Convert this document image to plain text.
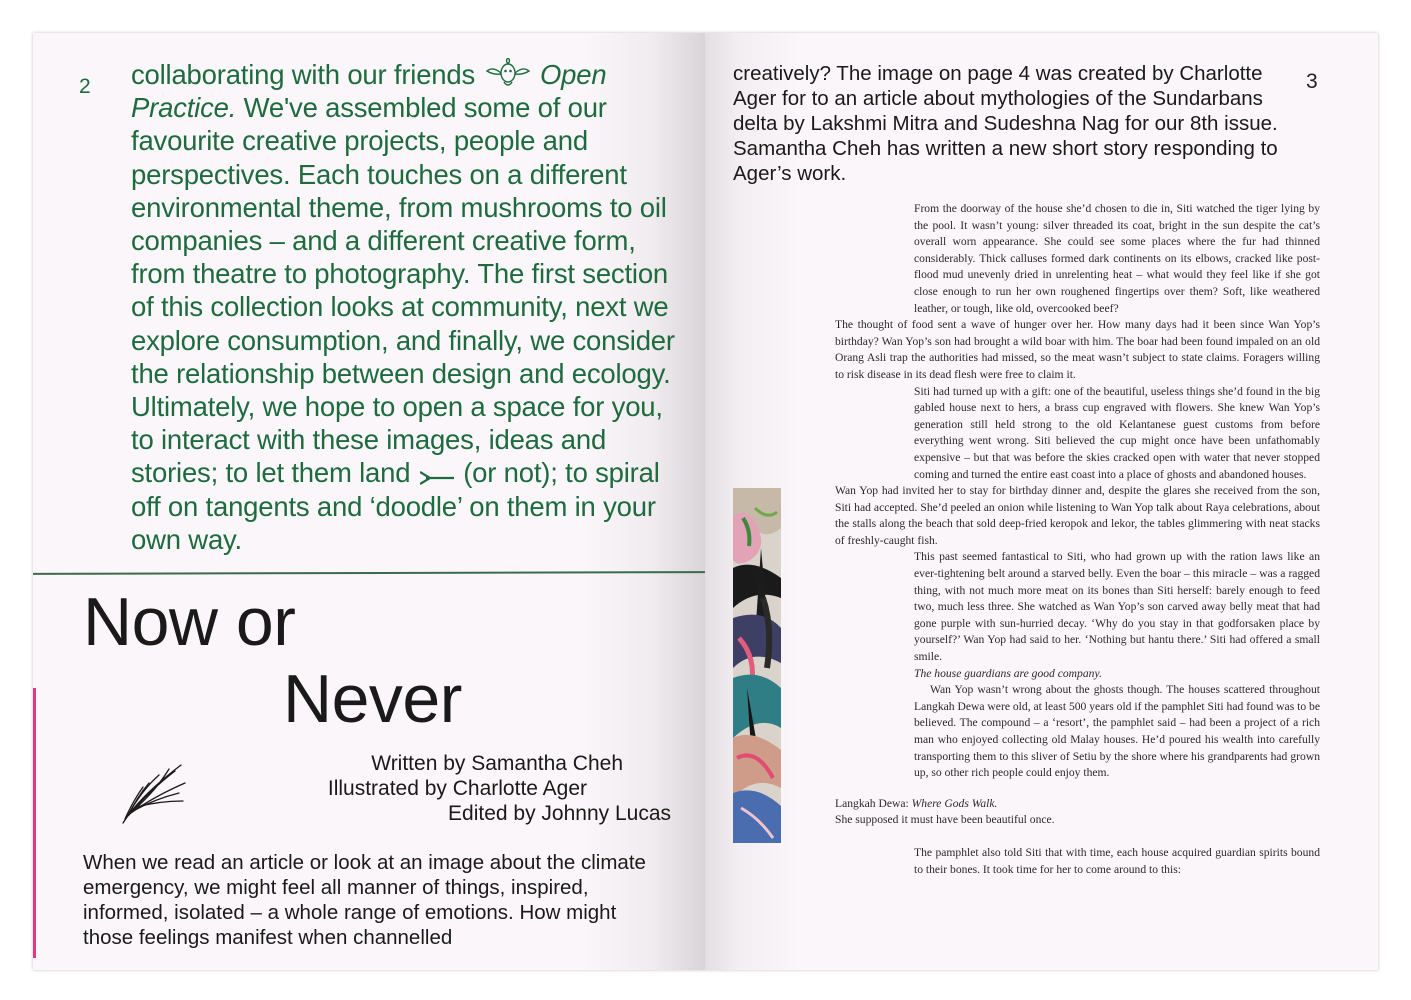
2	collaborating with our friends Open Practice. We've assembled some of our favourite creative projects, people and perspectives. Each touches on a different environmental theme, from mushrooms to oil companies – and a different creative form, from theatre to photography. The first section of this collection looks at community, next we explore consumption, and finally, we consider the relationship between design and ecology.

Ultimately, we hope to open a space for you, to interact with these images, ideas and stories; to let them land (or not); to spiral off on tangents and ‘doodle’ on them in your own way.

Now or
Never
Written by Samantha Cheh
Illustrated by Charlotte Ager
Edited by Johnny Lucas

When we read an article or look at an image about the climate emergency, we might feel all manner of things, inspired, informed, isolated – a whole range of emotions. How might those feelings manifest when channelled

3

creatively? The image on page 4 was created by Charlotte Ager for to an article about mythologies of the Sundarbans delta by Lakshmi Mitra and Sudeshna Nag for our 8th issue. Samantha Cheh has written a new short story responding to Ager’s work.

From the doorway of the house she’d chosen to die in, Siti watched the tiger lying by the pool. It wasn’t young: silver threaded its coat, bright in the sun despite the cat’s overall worn appearance. She could see some places where the fur had thinned considerably. Thick calluses formed dark continents on its elbows, cracked like post-flood mud unevenly dried in unrelenting heat – what would they feel like if she got close enough to run her own roughened fingertips over them? Soft, like weathered leather, or tough, like old, overcooked beef?

The thought of food sent a wave of hunger over her. How many days had it been since Wan Yop’s birthday? Wan Yop’s son had brought a wild boar with him. The boar had been found impaled on an old Orang Asli trap the authorities had missed, so the meat wasn’t subject to state claims. Foragers willing to risk disease in its dead flesh were free to claim it.

Siti had turned up with a gift: one of the beautiful, useless things she’d found in the big gabled house next to hers, a brass cup engraved with flowers. She knew Wan Yop’s generation still held strong to the old Kelantanese guest customs from before everything went wrong. Siti believed the cup might once have been unfathomably expensive – but that was before the skies cracked open with water that never stopped coming and turned the entire east coast into a place of ghosts and abandoned houses.

Wan Yop had invited her to stay for birthday dinner and, despite the glares she received from the son, Siti had accepted. She’d peeled an onion while listening to Wan Yop talk about Raya celebrations, about the stalls along the beach that sold deep-fried keropok and lekor, the tables glimmering with neat stacks of freshly-caught fish.

This past seemed fantastical to Siti, who had grown up with the ration laws like an ever-tightening belt around a starved belly. Even the boar – this miracle – was a ragged thing, with not much more meat on its bones than Siti herself: barely enough to feed two, much less three. She watched as Wan Yop’s son carved away belly meat that had gone purple with sun-hurried decay. ‘Why do you stay in that godforsaken place by yourself?’ Wan Yop had said to her. ‘Nothing but hantu there.’ Siti had offered a small smile.

The house guardians are good company.

Wan Yop wasn’t wrong about the ghosts though. The houses scattered throughout Langkah Dewa were old, at least 500 years old if the pamphlet Siti had found was to be believed. The compound – a ‘resort’, the pamphlet said – had been a project of a rich man who enjoyed collecting old Malay houses. He’d poured his wealth into carefully transporting them to this sliver of Setiu by the shore where his grandparents had grown up, so other rich people could enjoy them.

Langkah Dewa: Where Gods Walk.

She supposed it must have been beautiful once.

The pamphlet also told Siti that with time, each house acquired guardian spirits bound to their bones. It took time for her to come around to this:
